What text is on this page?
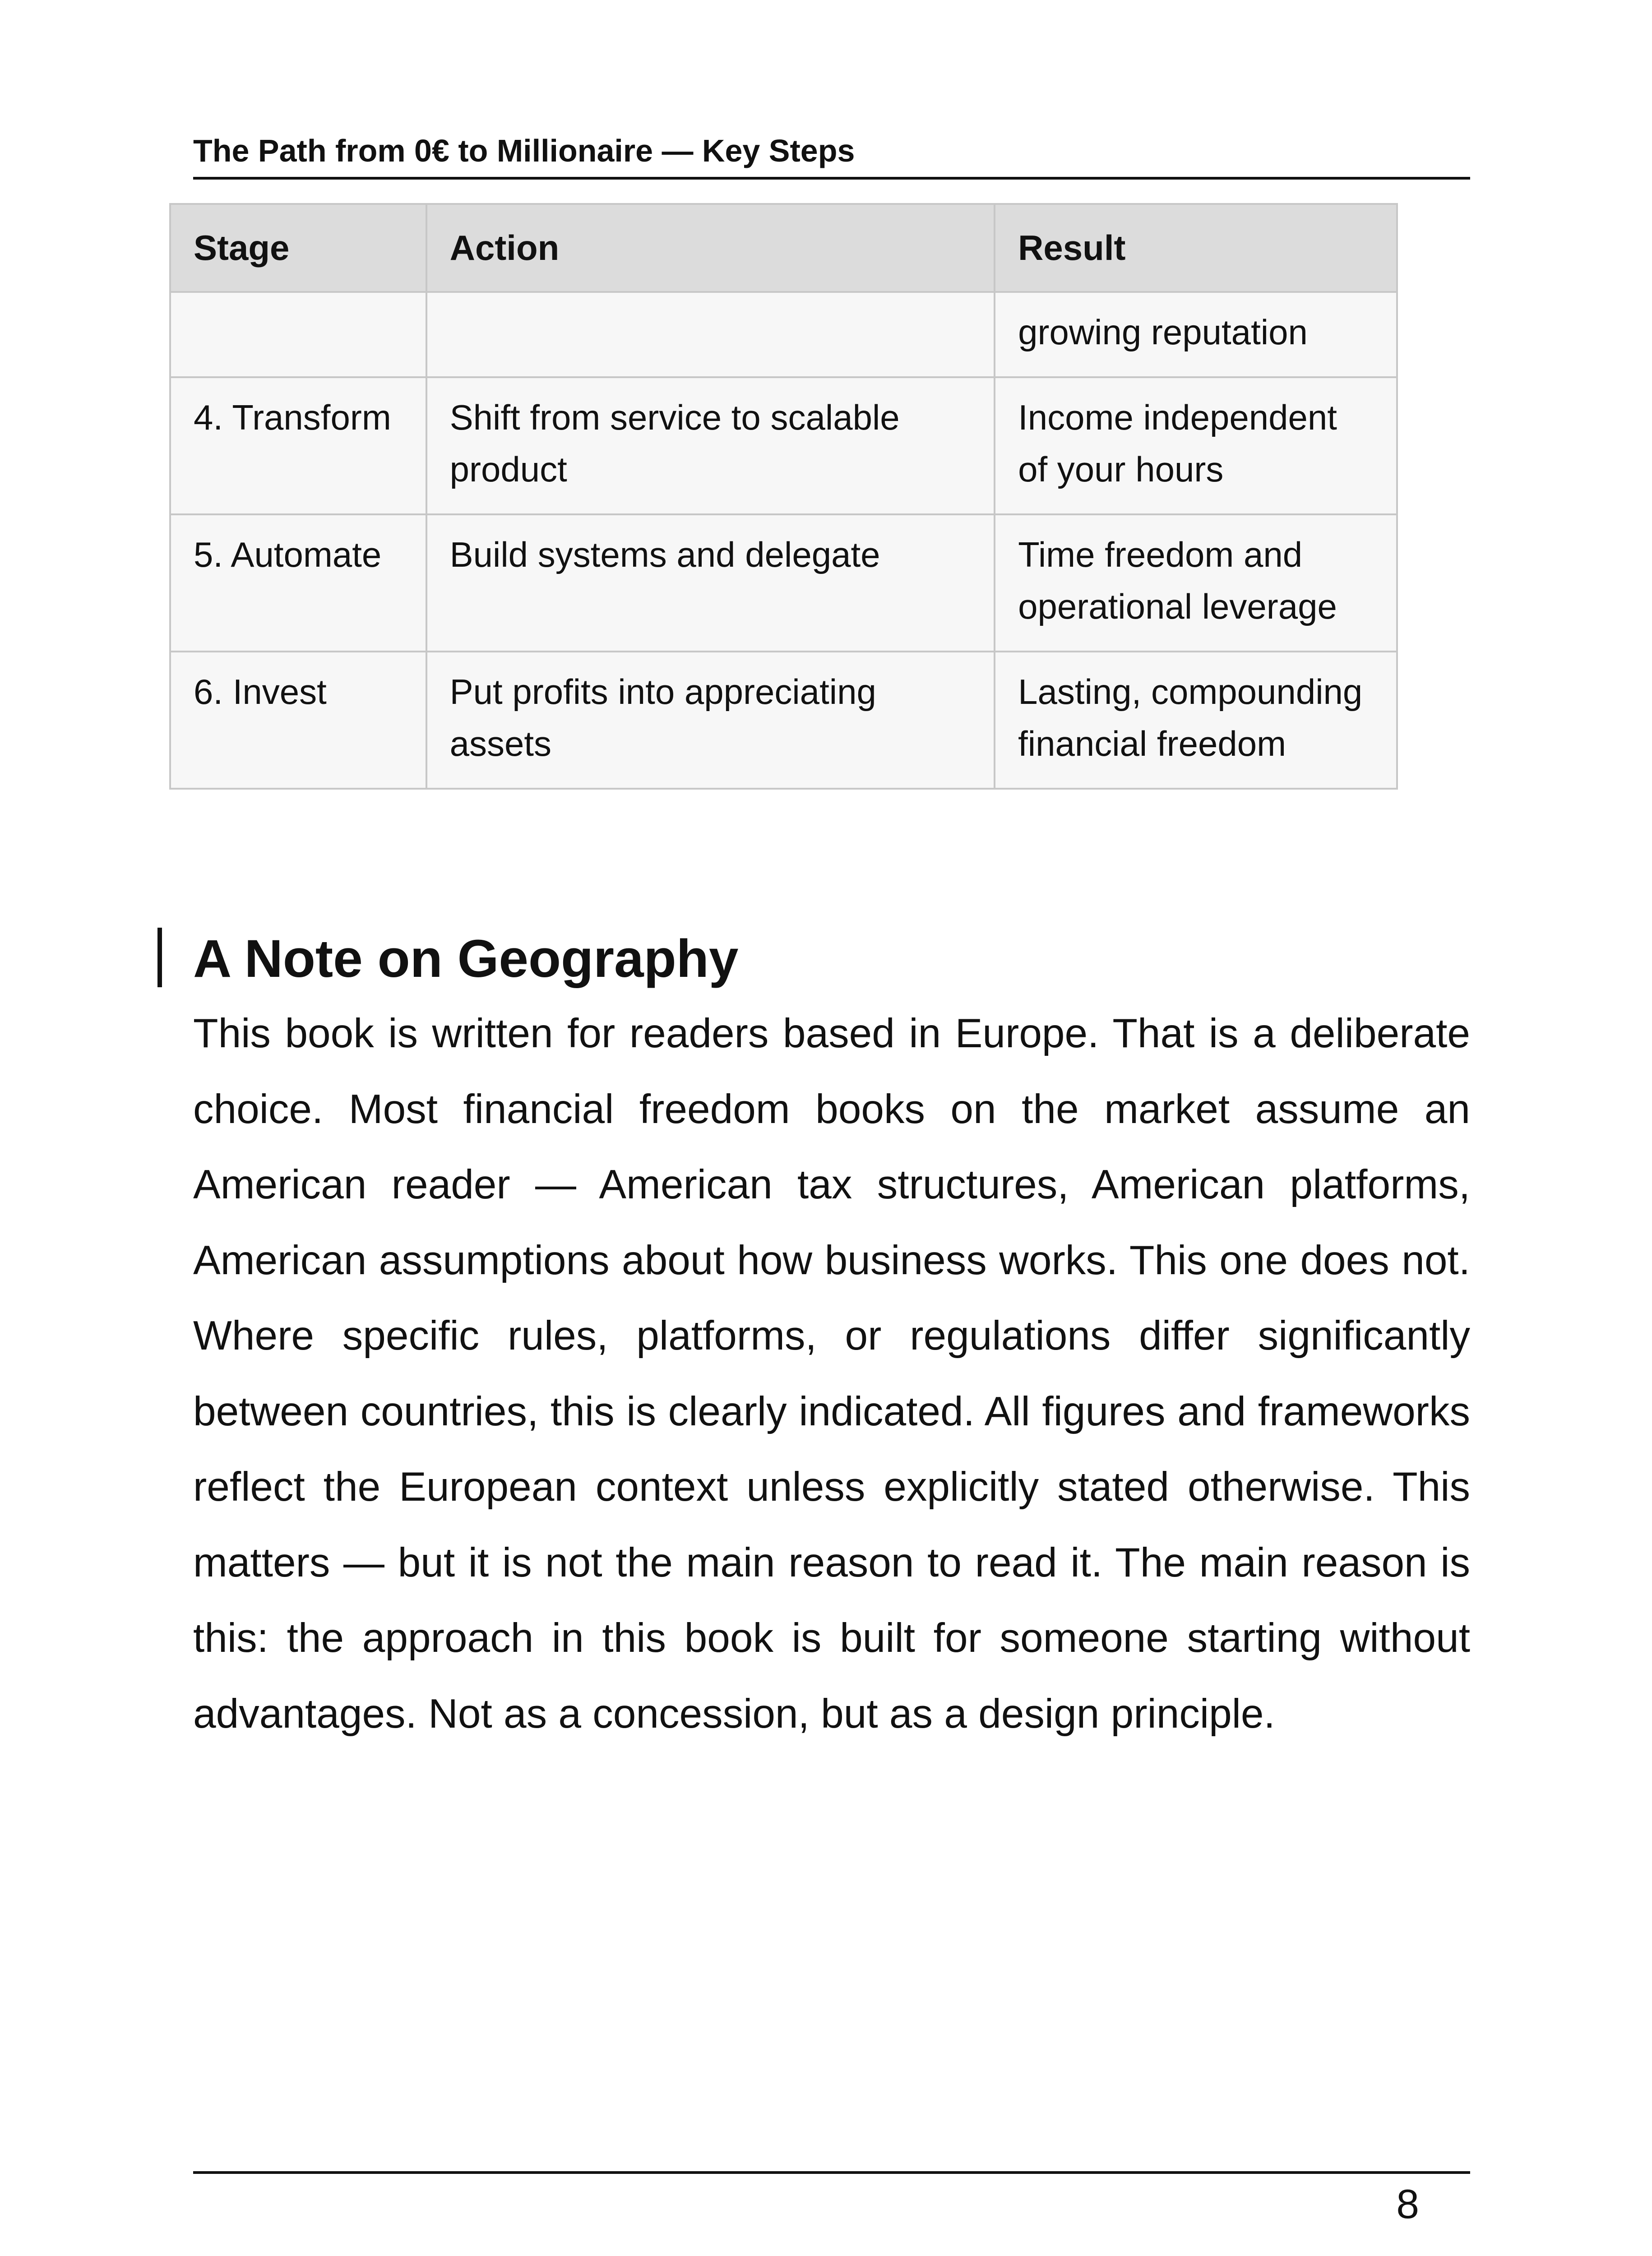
The Path from 0€ to Millionaire — Key Steps
Stage	Action	Result
		growing reputation
4. Transform	Shift from service to scalable product	Income independent of your hours
5. Automate	Build systems and delegate	Time freedom and operational leverage
6. Invest	Put profits into appreciating assets	Lasting, compounding financial freedom
A Note on Geography

This book is written for readers based in Europe. That is a deliberate choice. Most financial freedom books on the market assume an American reader — American tax structures, American platforms, American assumptions about how business works. This one does not. Where specific rules, platforms, or regulations differ significantly between countries, this is clearly indicated. All figures and frameworks reflect the European context unless explicitly stated otherwise. This matters — but it is not the main reason to read it. The main reason is this: the approach in this book is built for someone starting without advantages. Not as a concession, but as a design principle.

8
